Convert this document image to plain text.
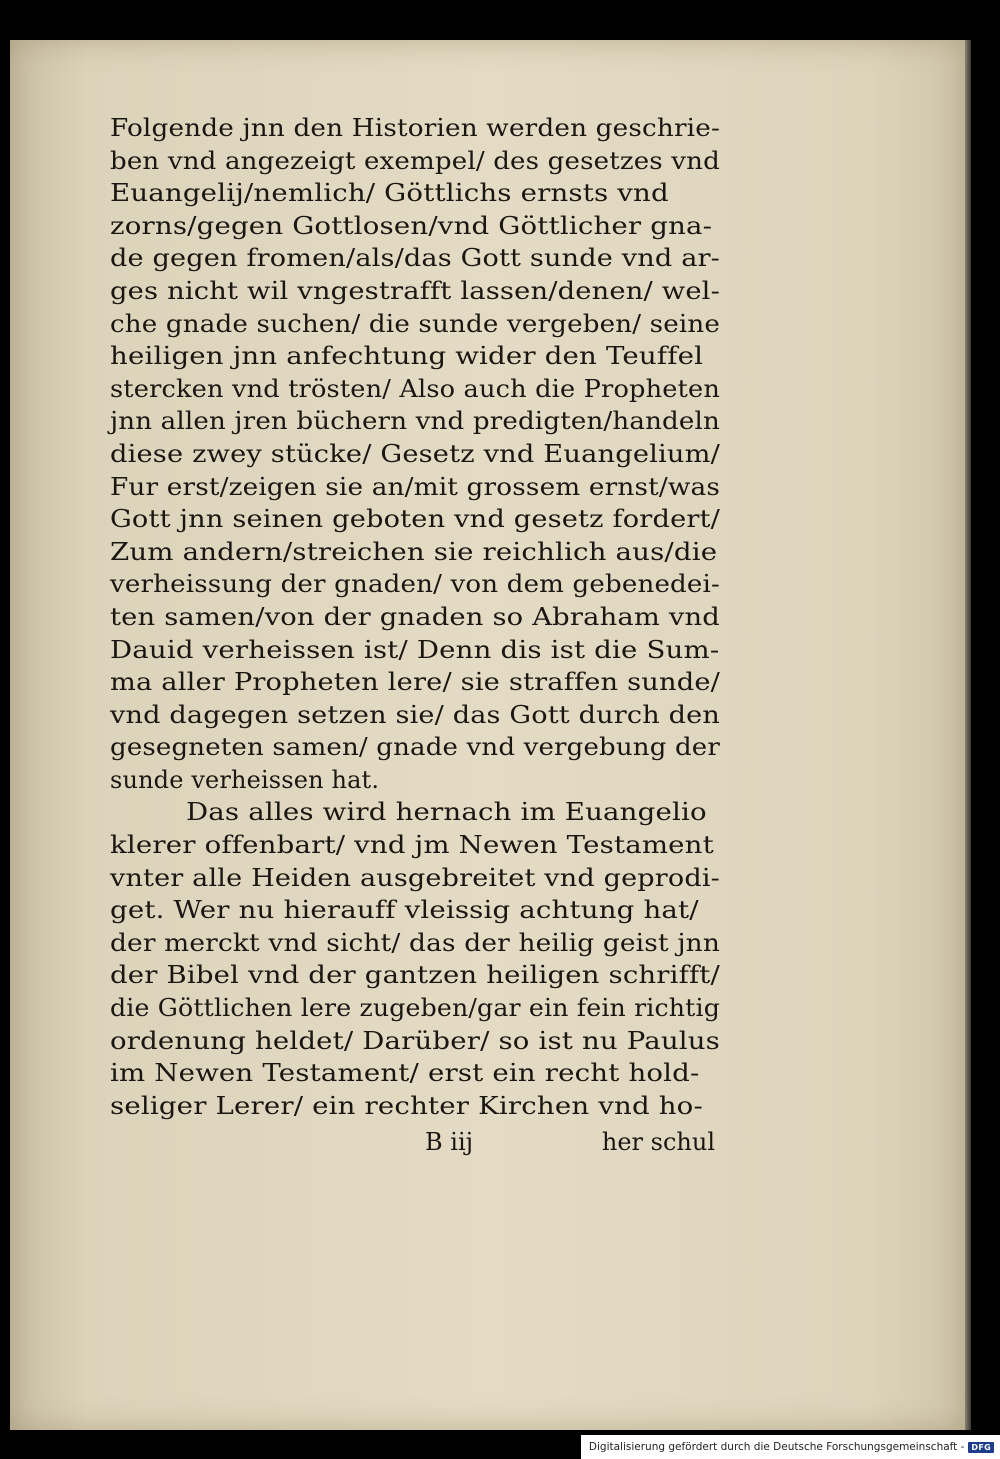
Folgende jnn den Historien werden geschrie-
ben vnd angezeigt exempel/ des gesetzes vnd
Euangelij/nemlich/ Göttlichs ernsts vnd
zorns/gegen Gottlosen/vnd Göttlicher gna-
de gegen fromen/als/das Gott sunde vnd ar-
ges nicht wil vngestrafft lassen/denen/ wel-
che gnade suchen/ die sunde vergeben/ seine
heiligen jnn anfechtung wider den Teuffel
stercken vnd trösten/ Also auch die Propheten
jnn allen jren büchern vnd predigten/handeln
diese zwey stücke/ Gesetz vnd Euangelium/
Fur erst/zeigen sie an/mit grossem ernst/was
Gott jnn seinen geboten vnd gesetz fordert/
Zum andern/streichen sie reichlich aus/die
verheissung der gnaden/ von dem gebenedei-
ten samen/von der gnaden so Abraham vnd
Dauid verheissen ist/ Denn dis ist die Sum-
ma aller Propheten lere/ sie straffen sunde/
vnd dagegen setzen sie/ das Gott durch den
gesegneten samen/ gnade vnd vergebung der
sunde verheissen hat.
Das alles wird hernach im Euangelio
klerer offenbart/ vnd jm Newen Testament
vnter alle Heiden ausgebreitet vnd geprodi-
get. Wer nu hierauff vleissig achtung hat/
der merckt vnd sicht/ das der heilig geist jnn
der Bibel vnd der gantzen heiligen schrifft/
die Göttlichen lere zugeben/gar ein fein richtig
ordenung heldet/ Darüber/ so ist nu Paulus
im Newen Testament/ erst ein recht hold-
seliger Lerer/ ein rechter Kirchen vnd ho-
B iij	her schul
Digitalisierung gefördert durch die Deutsche Forschungsgemeinschaft - DFG
